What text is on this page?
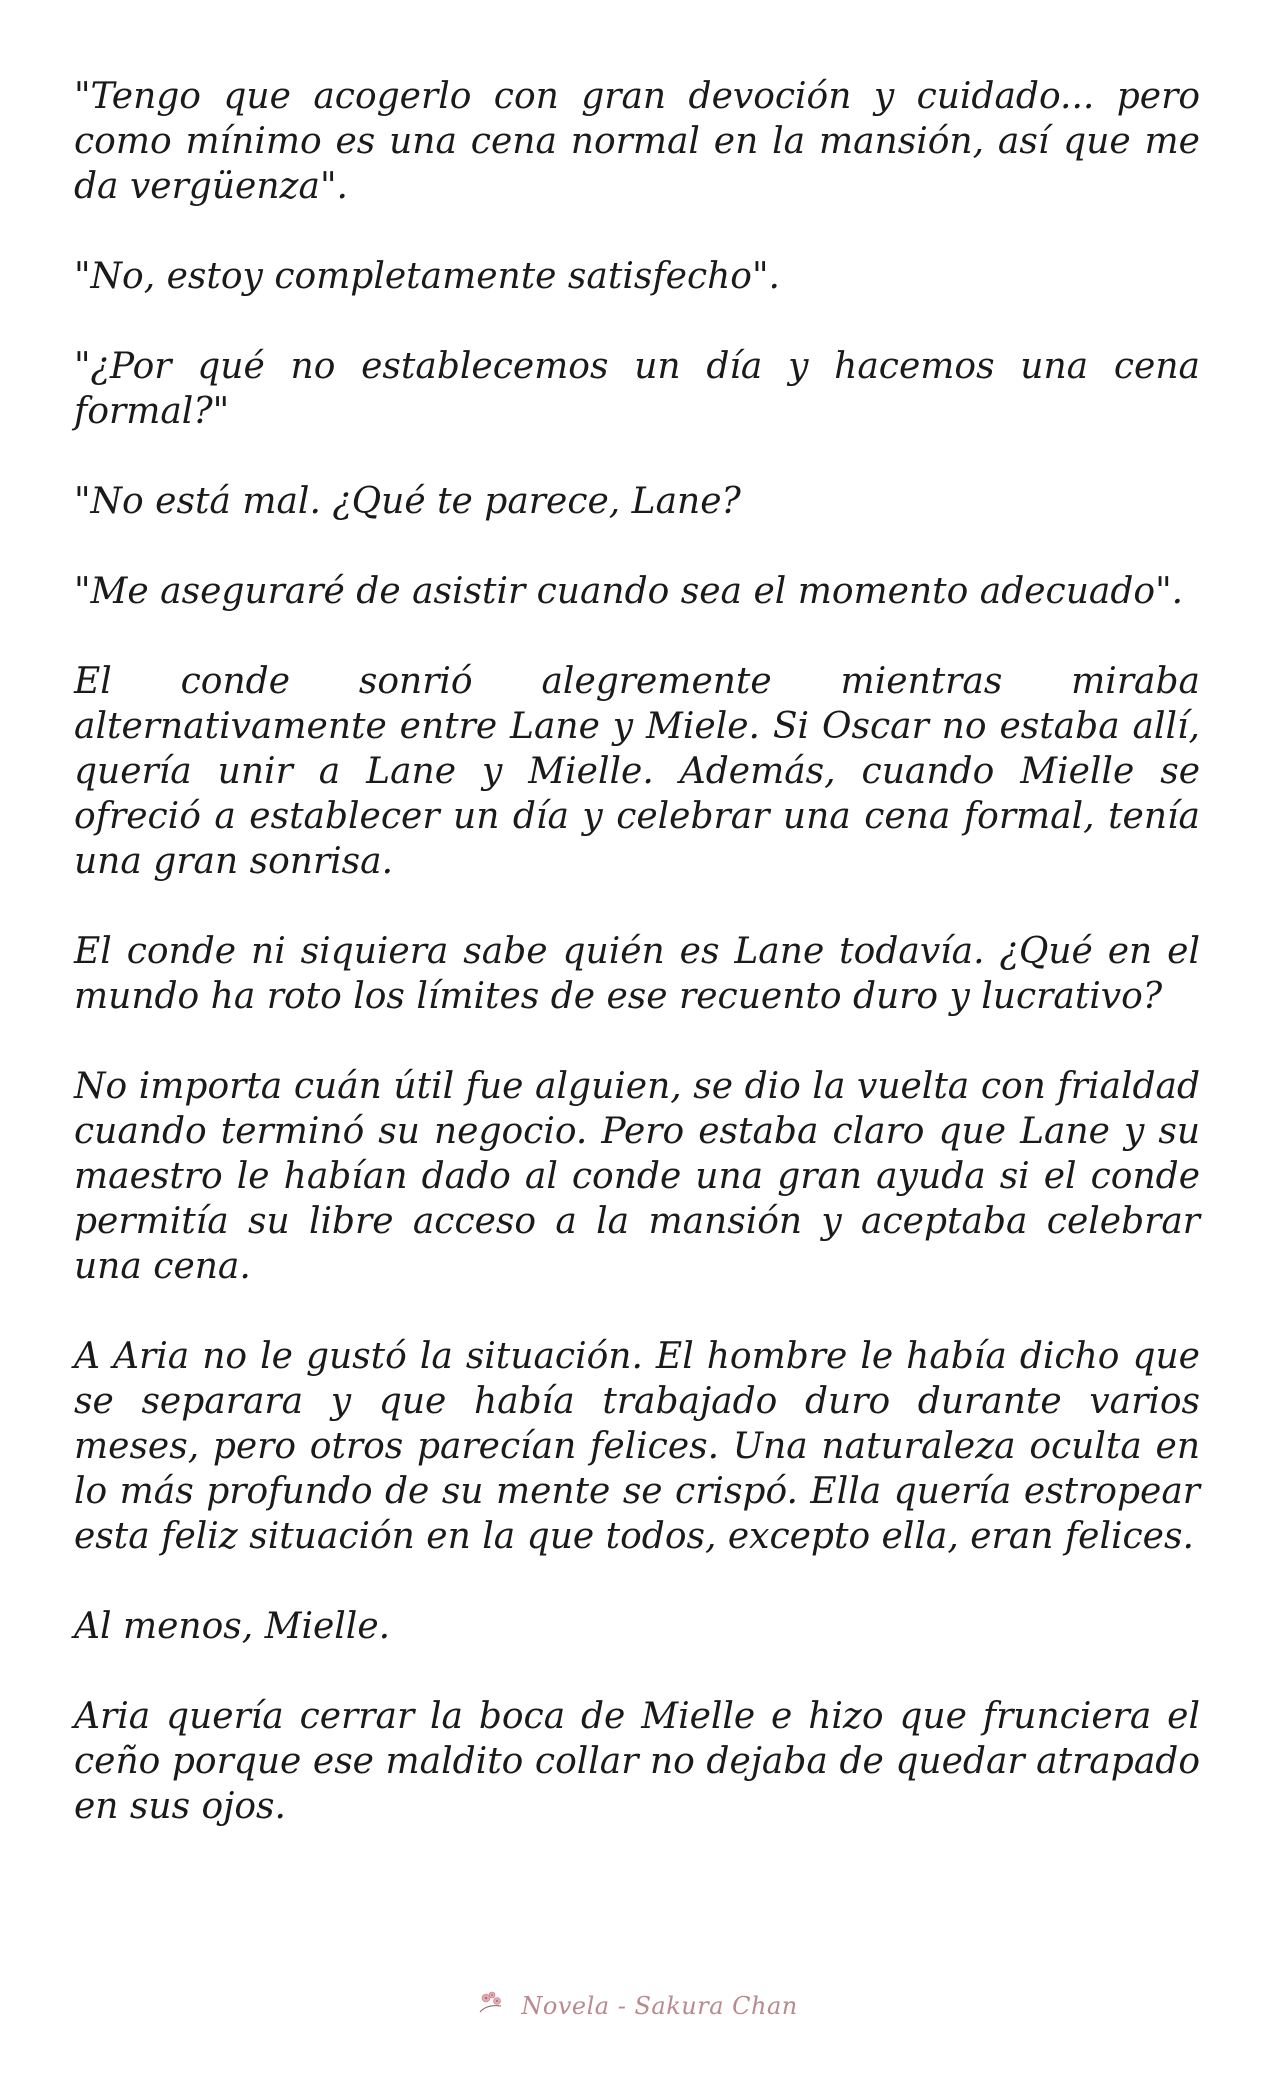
"Tengo que acogerlo con gran devoción y cuidado... pero como mínimo es una cena normal en la mansión, así que me da vergüenza".

"No, estoy completamente satisfecho".

"¿Por qué no establecemos un día y hacemos una cena formal?"

"No está mal. ¿Qué te parece, Lane?

"Me aseguraré de asistir cuando sea el momento adecuado".

El conde sonrió alegremente mientras miraba alternativamente entre Lane y Miele. Si Oscar no estaba allí, quería unir a Lane y Mielle. Además, cuando Mielle se ofreció a establecer un día y celebrar una cena formal, tenía una gran sonrisa.

El conde ni siquiera sabe quién es Lane todavía. ¿Qué en el mundo ha roto los límites de ese recuento duro y lucrativo?

No importa cuán útil fue alguien, se dio la vuelta con frialdad cuando terminó su negocio. Pero estaba claro que Lane y su maestro le habían dado al conde una gran ayuda si el conde permitía su libre acceso a la mansión y aceptaba celebrar una cena.

A Aria no le gustó la situación. El hombre le había dicho que se separara y que había trabajado duro durante varios meses, pero otros parecían felices. Una naturaleza oculta en lo más profundo de su mente se crispó. Ella quería estropear esta feliz situación en la que todos, excepto ella, eran felices.

Al menos, Mielle.

Aria quería cerrar la boca de Mielle e hizo que frunciera el ceño porque ese maldito collar no dejaba de quedar atrapado en sus ojos.

Novela - Sakura Chan
